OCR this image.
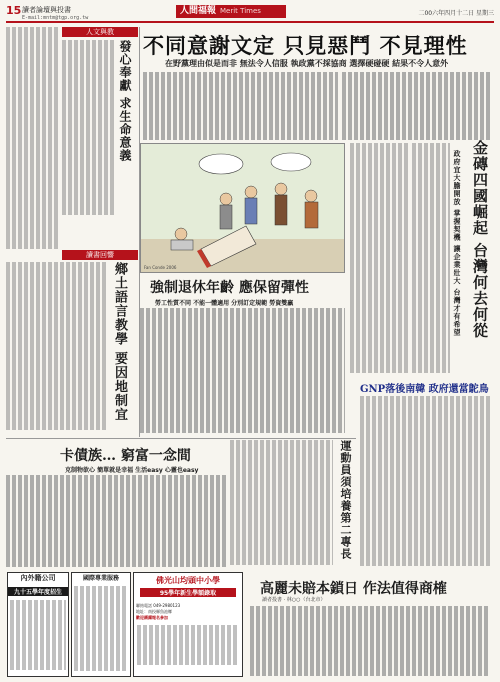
15 讀者論壇與投書
E-mail:mntm@tgp.org.tw
人間福報 Merit Times	二00六年四月十二日 星期三
人文與教
發心奉獻 求生命意義
讀書回響
鄉土語言教學 要因地制宜
不同意謝文定 只見惡鬥 不見理性
在野黨理由似是而非 無法令人信服 執政黨不採協商 選擇硬碰硬 結果不令人意外
Fan Conde 2006
強制退休年齡 應保留彈性
勞工性質不同 不能一體適用 分別訂定規範 勞資雙贏	金磚四國崛起 台灣何去何從
政府宜大膽開放 掌握契機 讓企業壯大 台灣才有希望
GNP落後南韓 政府還當鴕鳥
運動員須培養第二專長
卡債族… 窮富一念間
克制物欲心 簡單就是幸福 生活easy 心靈也easy
內外籍公司
九十五學年度招生
國際專業服務	佛光山均頭中小學
95學年新生學額錄取
聯絡電話 049-2980123
地址：南投縣魚池鄉
歡迎踴躍報名參加
高麗未賠本鎖日 作法值得商榷
讀者投書 · 林○○（台北市）
